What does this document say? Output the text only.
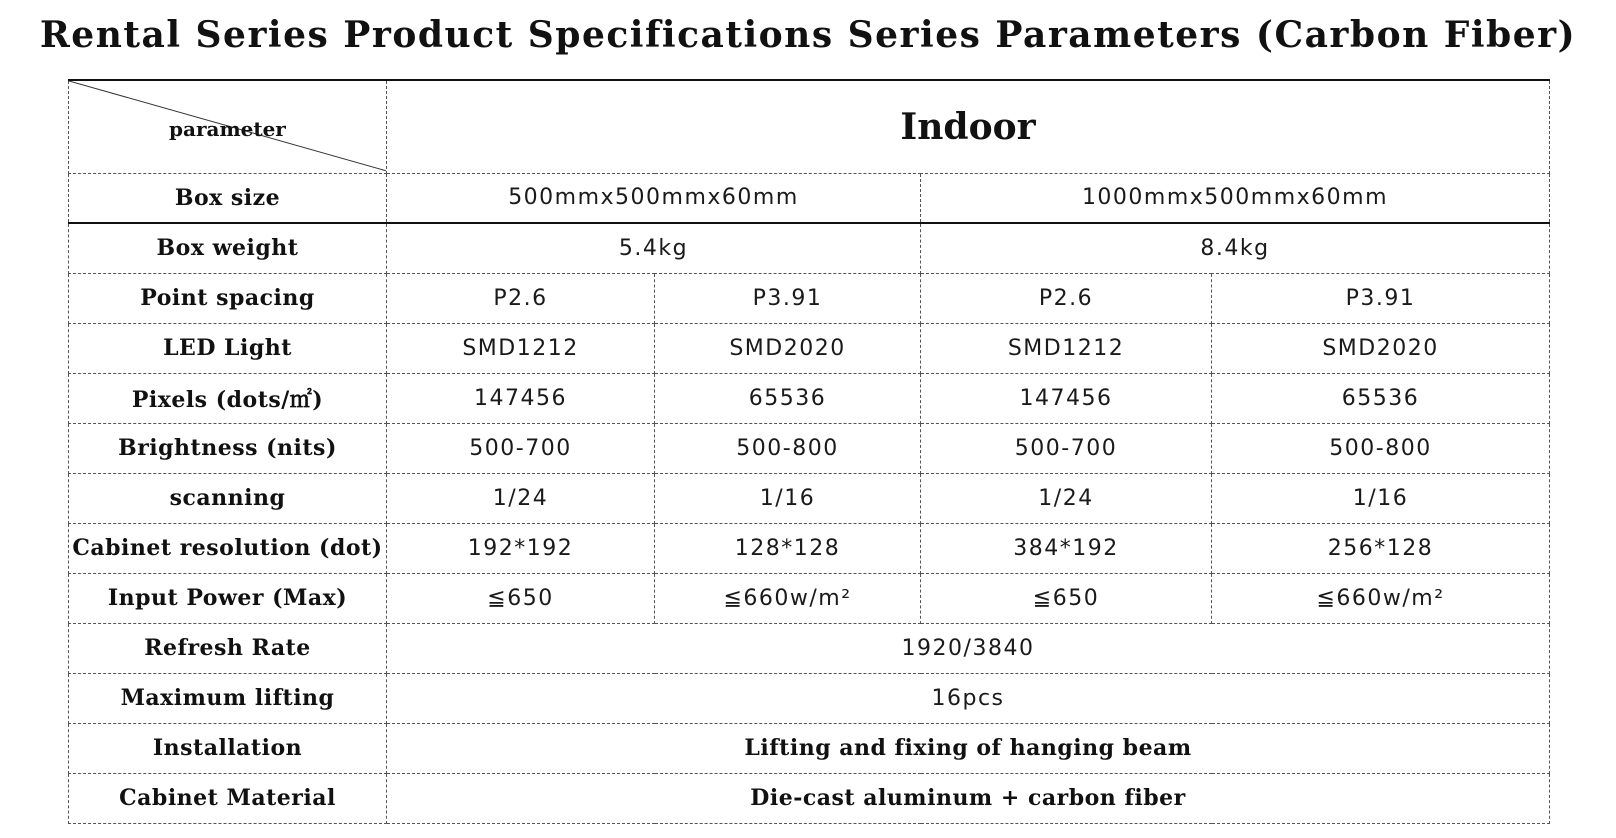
Rental Series Product Specifications Series Parameters (Carbon Fiber)
parameter	Indoor			
Box size	500mmx500mmx60mm		1000mmx500mmx60mm	
Box weight	5.4kg		8.4kg	
Point spacing	P2.6	P3.91	P2.6	P3.91
LED Light	SMD1212	SMD2020	SMD1212	SMD2020
Pixels (dots/㎡)	147456	65536	147456	65536
Brightness (nits)	500-700	500-800	500-700	500-800
scanning	1/24	1/16	1/24	1/16
Cabinet resolution (dot)	192*192	128*128	384*192	256*128
Input Power (Max)	≦650	≦660w/m²	≦650	≦660w/m²
Refresh Rate	1920/3840			
Maximum lifting	16pcs			
Installation	Lifting and fixing of hanging beam			
Cabinet Material	Die-cast aluminum + carbon fiber			
